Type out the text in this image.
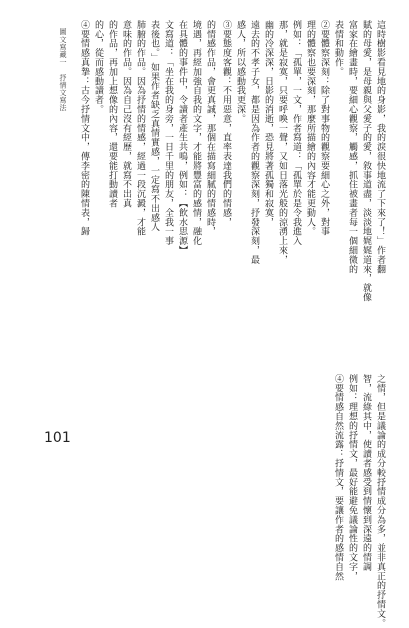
這時樹影看見地的身影，我的淚很快地流了下來了！」作者翻
賦的母愛，是母親與父愛子的愛，敘事道盡，淡淡地娓娓道來，就像
富家在繪畫時，要細心觀察，觸感，抓住被畫者每一個細微的
表情和動作。
②要體察深刻：除了對事物的觀察要細心之外，對事
理的體察也要深刻，那麼所描繪的內容才能更動人。
例如：「孤單，一文，作者寫道：「孤單於是令我進入
那，就是寂寞，只要呼喚一聲，又如日落光般的涼湧上來，
幽的冷深深，日影的消逝，恐見將著孤獨和寂寞，
遠去的不孝子女，都是因為作者的觀察深刻，抒發深刻，最
感人，所以感動我更深。
③要態度客觀：不用惡意，直率表達我們的情感，
的情感作品，會更真誠，那個在描寫細膩的情感時，
境遇，再經加強自我的文字，才能將豐富的感情，融化
在具體的事件中，令讀者產生共鳴，例如：【飲水思源】
文寫道：「坐在我的身旁，一日千里的朋友，全我一事
表後也。」如果作者缺乏真情實感，一定寫不出感人
肺腑的作品。因為抒情的情感，經過一段沉澱，才能
意味的作品。因為自己沒有經歷，就寫不出真
的作品，再加上想像的內容，還要能打動讀者
的心，從而感動讀者。
④要情感真摯：古今抒情文中，傳李密的陳情表，歸
之情，但是議論的成分較抒情成分為多，並非真正的抒情文。
智，流綠其中，使讀者感受到情懷到深遠的情調
例如：理想的抒情文，最好能避免議論性的文字，
④要情感自然流露：抒情文，要讓作者的感情自然
圖文寫藏一　抒情文寫法
101
